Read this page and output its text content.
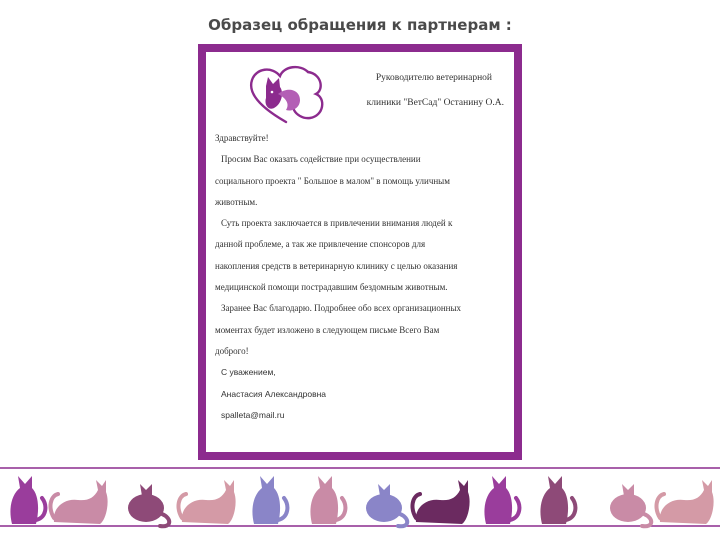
Образец обращения к партнерам :
Руководителю ветеринарной
клиники "ВетСад" Останину О.А.

Здравствуйте!

Просим Вас оказать содействие при осуществлении

социального проекта " Большое в малом" в помощь уличным

животным.

Суть проекта заключается в привлечении внимания людей к

данной проблеме, а так же привлечение спонсоров для

накопления средств в ветеринарную клинику с целью оказания

медицинской помощи пострадавшим бездомным животным.

Заранее Вас благодарю. Подробнее обо всех организационных

моментах будет изложено в следующем письме Всего Вам

доброго!

С уважением,

Анастасия Александровна

spalleta@mail.ru
